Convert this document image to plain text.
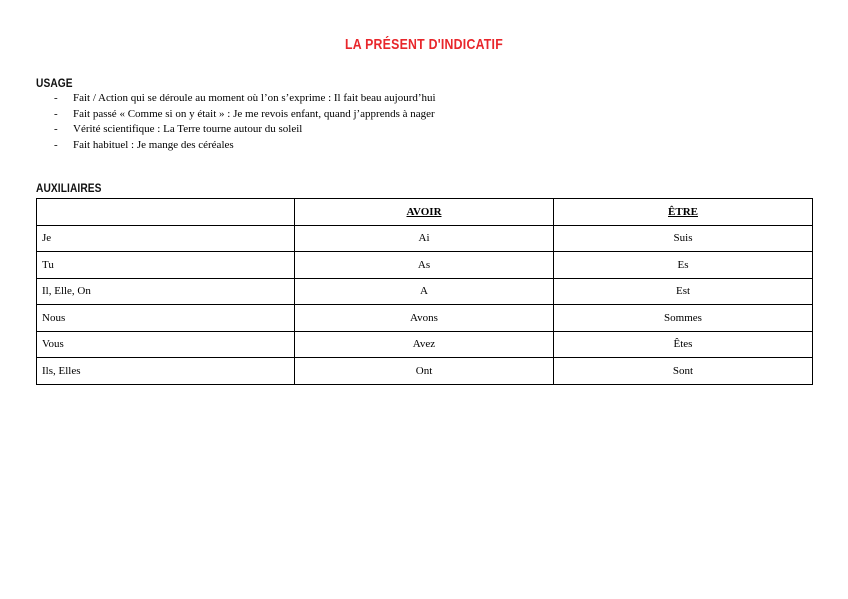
LA PRÉSENT D'INDICATIF
USAGE
- Fait / Action qui se déroule au moment où l’on s’exprime : Il fait beau aujourd’hui
- Fait passé « Comme si on y était » : Je me revois enfant, quand j’apprends à nager
- Vérité scientifique : La Terre tourne autour du soleil
- Fait habituel : Je mange des céréales
AUXILIAIRES
	AVOIR	ÊTRE
Je	Ai	Suis
Tu	As	Es
Il, Elle, On	A	Est
Nous	Avons	Sommes
Vous	Avez	Êtes
Ils, Elles	Ont	Sont
